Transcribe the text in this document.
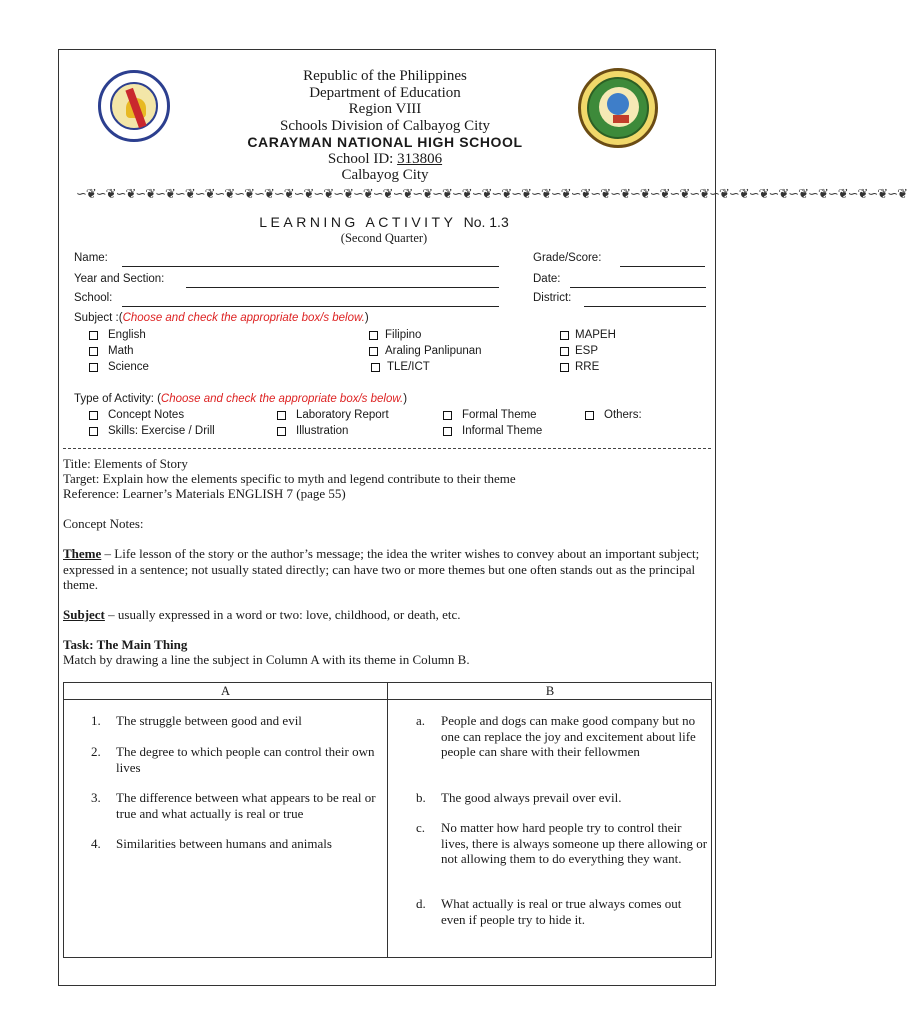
Republic of the Philippines
Department of Education
Region VIII
Schools Division of Calbayog City
CARAYMAN NATIONAL HIGH SCHOOL
School ID: 313806
Calbayog City
∽❦∽❦∽❦∽❦∽❦∽❦∽❦∽❦∽❦∽❦∽❦∽❦∽❦∽❦∽❦∽❦∽❦∽❦∽❦∽❦∽❦∽❦∽❦∽❦∽❦∽❦∽❦∽❦∽❦∽❦∽❦∽❦∽❦∽❦∽❦∽❦∽❦∽❦∽❦∽❦∽❦∽❦
LEARNING ACTIVITY No. 1.3
(Second Quarter)
Name:	Grade/Score:
Year and Section:	Date:
School:	District:
Subject :(Choose and check the appropriate box/s below.)
English
Math
Science
Filipino
Araling Panlipunan
TLE/ICT
MAPEH
ESP
RRE
Type of Activity: (Choose and check the appropriate box/s below.)
Concept Notes
Skills: Exercise / Drill
Laboratory Report
Illustration
Formal Theme
Informal Theme
Others:
Title: Elements of Story
Target: Explain how the elements specific to myth and legend contribute to their theme
Reference: Learner’s Materials ENGLISH 7 (page 55)
Concept Notes:
Theme – Life lesson of the story or the author’s message; the idea the writer wishes to convey about an important subject; expressed in a sentence; not usually stated directly; can have two or more themes but one often stands out as the principal theme.
Subject – usually expressed in a word or two: love, childhood, or death, etc.
Task: The Main Thing
Match by drawing a line the subject in Column A with its theme in Column B.
A	B
1. The struggle between good and evil
2. The degree to which people can control their own lives
3. The difference between what appears to be real or true and what actually is real or true
4. Similarities between humans and animals
a. People and dogs can make good company but no one can replace the joy and excitement about life people can share with their fellowmen
b. The good always prevail over evil.
c. No matter how hard people try to control their lives, there is always someone up there allowing or not allowing them to do everything they want.
d. What actually is real or true always comes out even if people try to hide it.
